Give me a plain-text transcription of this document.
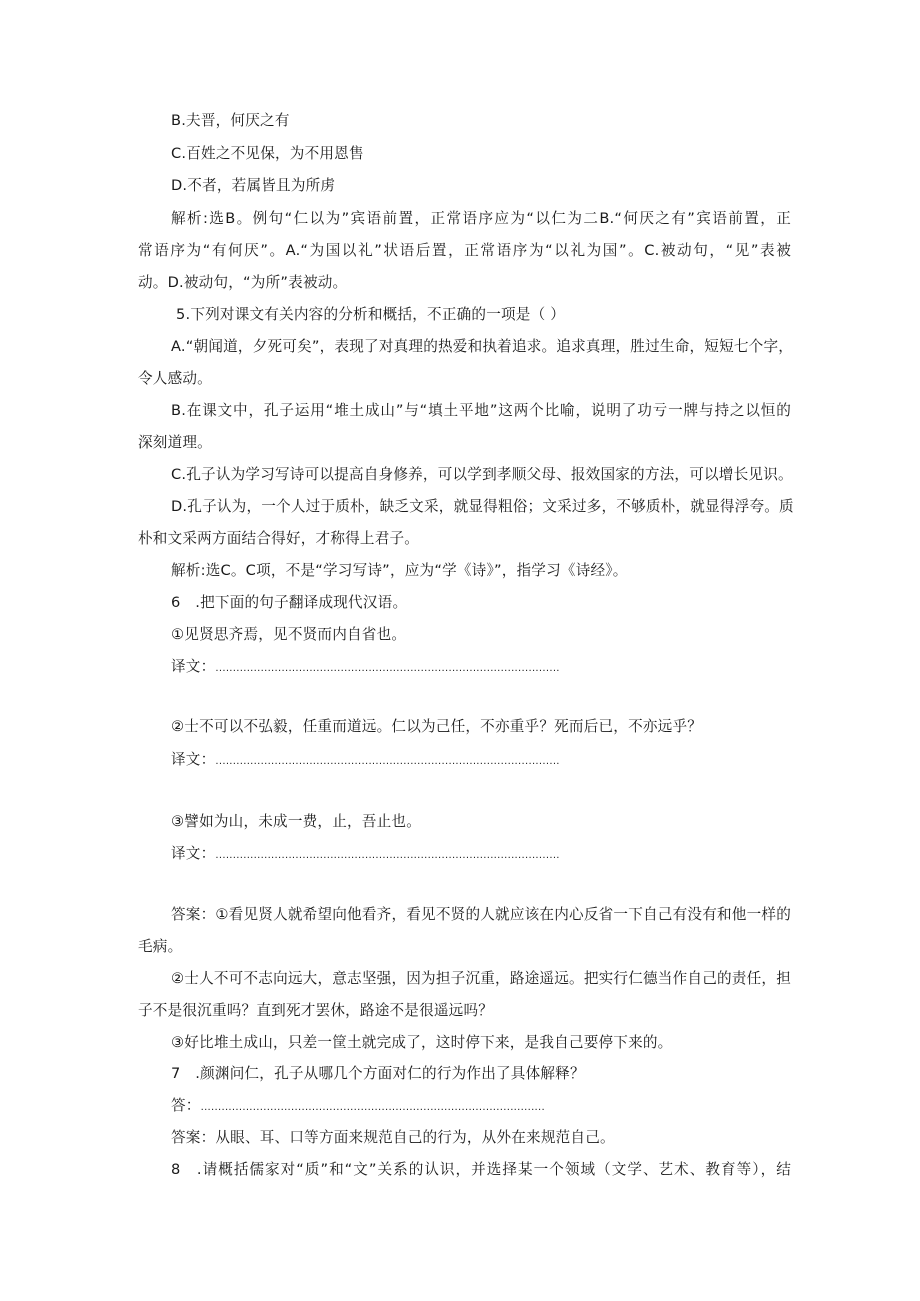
B.夫晋，何厌之有
C.百姓之不见保，为不用恩售
D.不者，若属皆且为所虏
解析:选B。例句“仁以为”宾语前置，正常语序应为“以仁为二B.“何厌之有”宾语前置，正
常语序为“有何厌”。A.“为国以礼”状语后置，正常语序为“以礼为国”。C.被动句，“见”表被
动。D.被动句，“为所”表被动。
5.下列对课文有关内容的分析和概括，不正确的一项是（ ）
A.“朝闻道，夕死可矣”，表现了对真理的热爱和执着追求。追求真理，胜过生命，短短七个字，
令人感动。
B.在课文中，孔子运用“堆土成山”与“填土平地”这两个比喻，说明了功亏一牌与持之以恒的
深刻道理。
C.孔子认为学习写诗可以提高自身修养，可以学到孝顺父母、报效国家的方法，可以增长见识。
D.孔子认为，一个人过于质朴，缺乏文采，就显得粗俗；文采过多，不够质朴，就显得浮夸。质
朴和文采两方面结合得好，才称得上君子。
解析:选C。C项，不是“学习写诗”，应为“学《诗》”，指学习《诗经》。
6　.把下面的句子翻译成现代汉语。
①见贤思齐焉，见不贤而内自省也。
译文：...................................................................................................
②士不可以不弘毅，任重而道远。仁以为己任，不亦重乎？死而后已，不亦远乎？
译文：...................................................................................................
③譬如为山，未成一费，止，吾止也。
译文：...................................................................................................
答案：①看见贤人就希望向他看齐，看见不贤的人就应该在内心反省一下自己有没有和他一样的
毛病。
②士人不可不志向远大，意志坚强，因为担子沉重，路途遥远。把实行仁德当作自己的责任，担
子不是很沉重吗？直到死才罢休，路途不是很遥远吗？
③好比堆土成山，只差一筐土就完成了，这时停下来，是我自己要停下来的。
7　.颜渊问仁，孔子从哪几个方面对仁的行为作出了具体解释？
答：...................................................................................................
答案：从眼、耳、口等方面来规范自己的行为，从外在来规范自己。
8　.请概括儒家对“质”和“文”关系的认识，并选择某一个领域（文学、艺术、教育等），结
